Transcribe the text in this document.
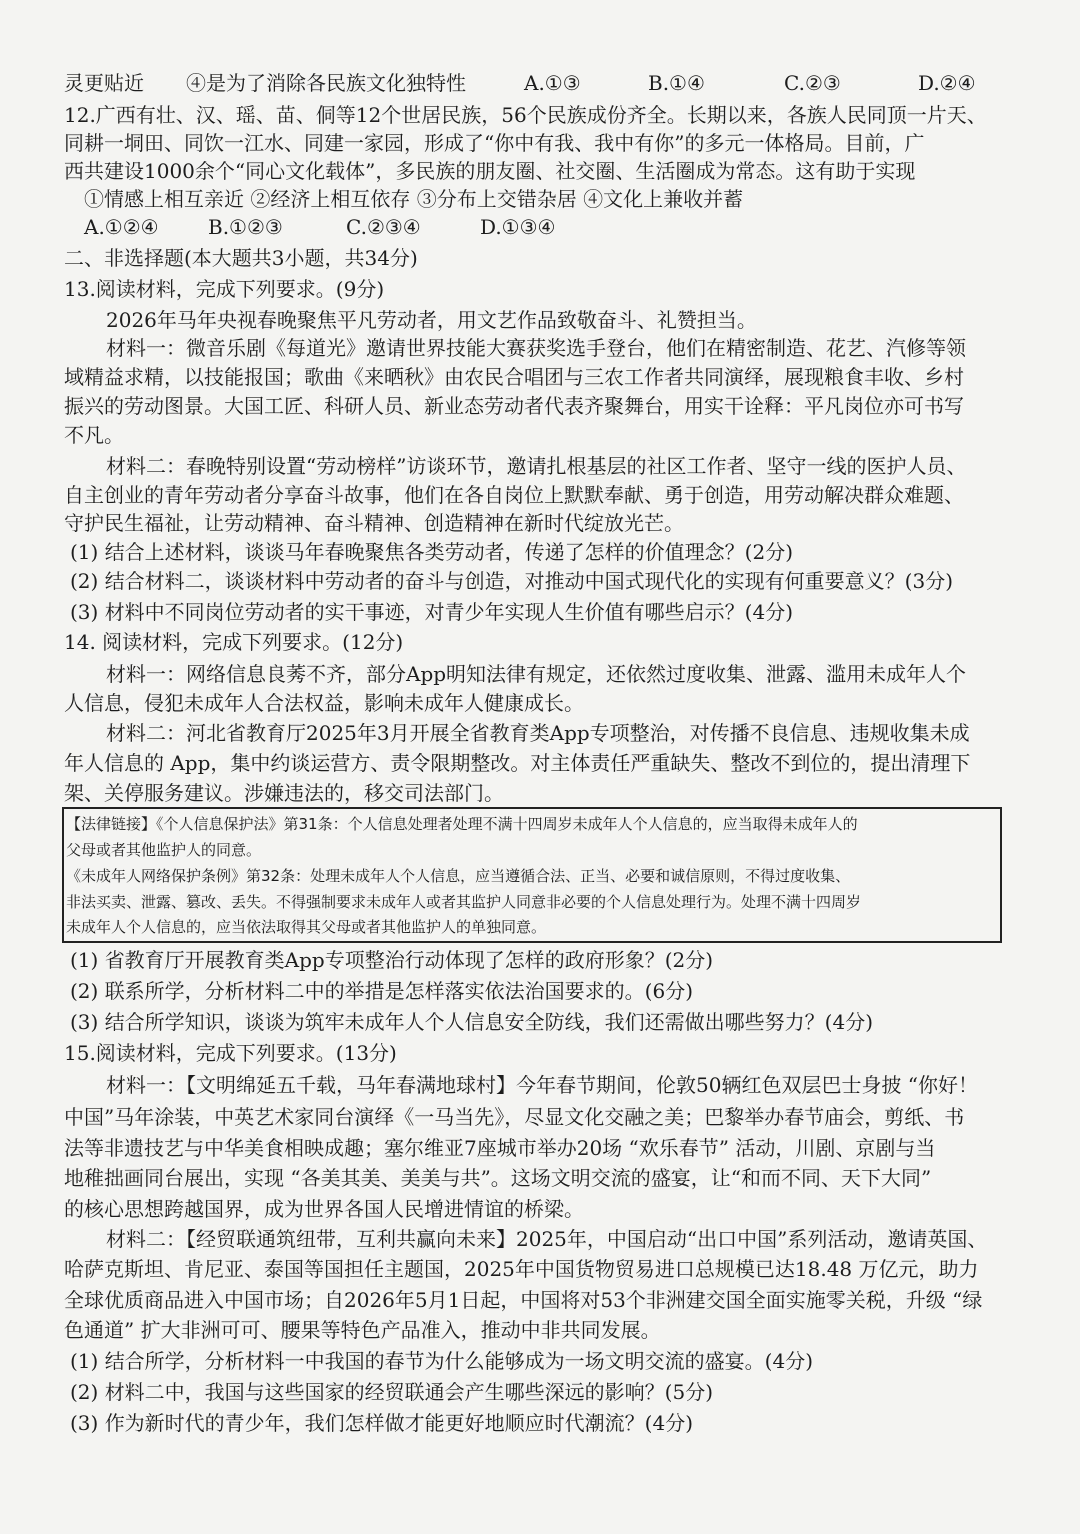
灵更贴近 ④是为了消除各民族文化独特性	A.①③	B.①④	C.②③	D.②④
12.广西有壮、汉、瑶、苗、侗等12个世居民族，56个民族成份齐全。长期以来，各族人民同顶一片天、
同耕一垌田、同饮一江水、同建一家园，形成了“你中有我、我中有你”的多元一体格局。目前，广
西共建设1000余个“同心文化载体”，多民族的朋友圈、社交圈、生活圈成为常态。这有助于实现
①情感上相互亲近 ②经济上相互依存 ③分布上交错杂居 ④文化上兼收并蓄
A.①②④ B.①②③	C.②③④	D.①③④
二、非选择题(本大题共3小题，共34分)
13.阅读材料，完成下列要求。(9分)
2026年马年央视春晚聚焦平凡劳动者，用文艺作品致敬奋斗、礼赞担当。
材料一：微音乐剧《每道光》邀请世界技能大赛获奖选手登台，他们在精密制造、花艺、汽修等领
域精益求精，以技能报国；歌曲《来晒秋》由农民合唱团与三农工作者共同演绎，展现粮食丰收、乡村
振兴的劳动图景。大国工匠、科研人员、新业态劳动者代表齐聚舞台，用实干诠释：平凡岗位亦可书写
不凡。
材料二：春晚特别设置“劳动榜样”访谈环节，邀请扎根基层的社区工作者、坚守一线的医护人员、
自主创业的青年劳动者分享奋斗故事，他们在各自岗位上默默奉献、勇于创造，用劳动解决群众难题、
守护民生福祉，让劳动精神、奋斗精神、创造精神在新时代绽放光芒。
(1) 结合上述材料，谈谈马年春晚聚焦各类劳动者，传递了怎样的价值理念？(2分)
(2) 结合材料二，谈谈材料中劳动者的奋斗与创造，对推动中国式现代化的实现有何重要意义？(3分)
(3) 材料中不同岗位劳动者的实干事迹，对青少年实现人生价值有哪些启示？(4分)
14. 阅读材料，完成下列要求。(12分)
材料一：网络信息良莠不齐，部分App明知法律有规定，还依然过度收集、泄露、滥用未成年人个
人信息，侵犯未成年人合法权益，影响未成年人健康成长。
材料二：河北省教育厅2025年3月开展全省教育类App专项整治，对传播不良信息、违规收集未成
年人信息的 App，集中约谈运营方、责令限期整改。对主体责任严重缺失、整改不到位的，提出清理下
架、关停服务建议。涉嫌违法的，移交司法部门。
【法律链接】《个人信息保护法》第31条：个人信息处理者处理不满十四周岁未成年人个人信息的，应当取得未成年人的
父母或者其他监护人的同意。
《未成年人网络保护条例》第32条：处理未成年人个人信息，应当遵循合法、正当、必要和诚信原则，不得过度收集、
非法买卖、泄露、篡改、丢失。不得强制要求未成年人或者其监护人同意非必要的个人信息处理行为。处理不满十四周岁
未成年人个人信息的，应当依法取得其父母或者其他监护人的单独同意。
(1) 省教育厅开展教育类App专项整治行动体现了怎样的政府形象？(2分)
(2) 联系所学，分析材料二中的举措是怎样落实依法治国要求的。(6分)
(3) 结合所学知识，谈谈为筑牢未成年人个人信息安全防线，我们还需做出哪些努力？(4分)
15.阅读材料，完成下列要求。(13分)
材料一：【文明绵延五千载，马年春满地球村】今年春节期间，伦敦50辆红色双层巴士身披 “你好！
中国”马年涂装，中英艺术家同台演绎《一马当先》，尽显文化交融之美；巴黎举办春节庙会，剪纸、书
法等非遗技艺与中华美食相映成趣；塞尔维亚7座城市举办20场 “欢乐春节” 活动，川剧、京剧与当
地稚拙画同台展出，实现 “各美其美、美美与共”。这场文明交流的盛宴，让“和而不同、天下大同”
的核心思想跨越国界，成为世界各国人民增进情谊的桥梁。
材料二：【经贸联通筑纽带，互利共赢向未来】2025年，中国启动“出口中国”系列活动，邀请英国、
哈萨克斯坦、肯尼亚、泰国等国担任主题国，2025年中国货物贸易进口总规模已达18.48 万亿元，助力
全球优质商品进入中国市场；自2026年5月1日起，中国将对53个非洲建交国全面实施零关税，升级 “绿
色通道” 扩大非洲可可、腰果等特色产品准入，推动中非共同发展。
(1) 结合所学，分析材料一中我国的春节为什么能够成为一场文明交流的盛宴。(4分)
(2) 材料二中，我国与这些国家的经贸联通会产生哪些深远的影响？(5分)
(3) 作为新时代的青少年，我们怎样做才能更好地顺应时代潮流？(4分)
